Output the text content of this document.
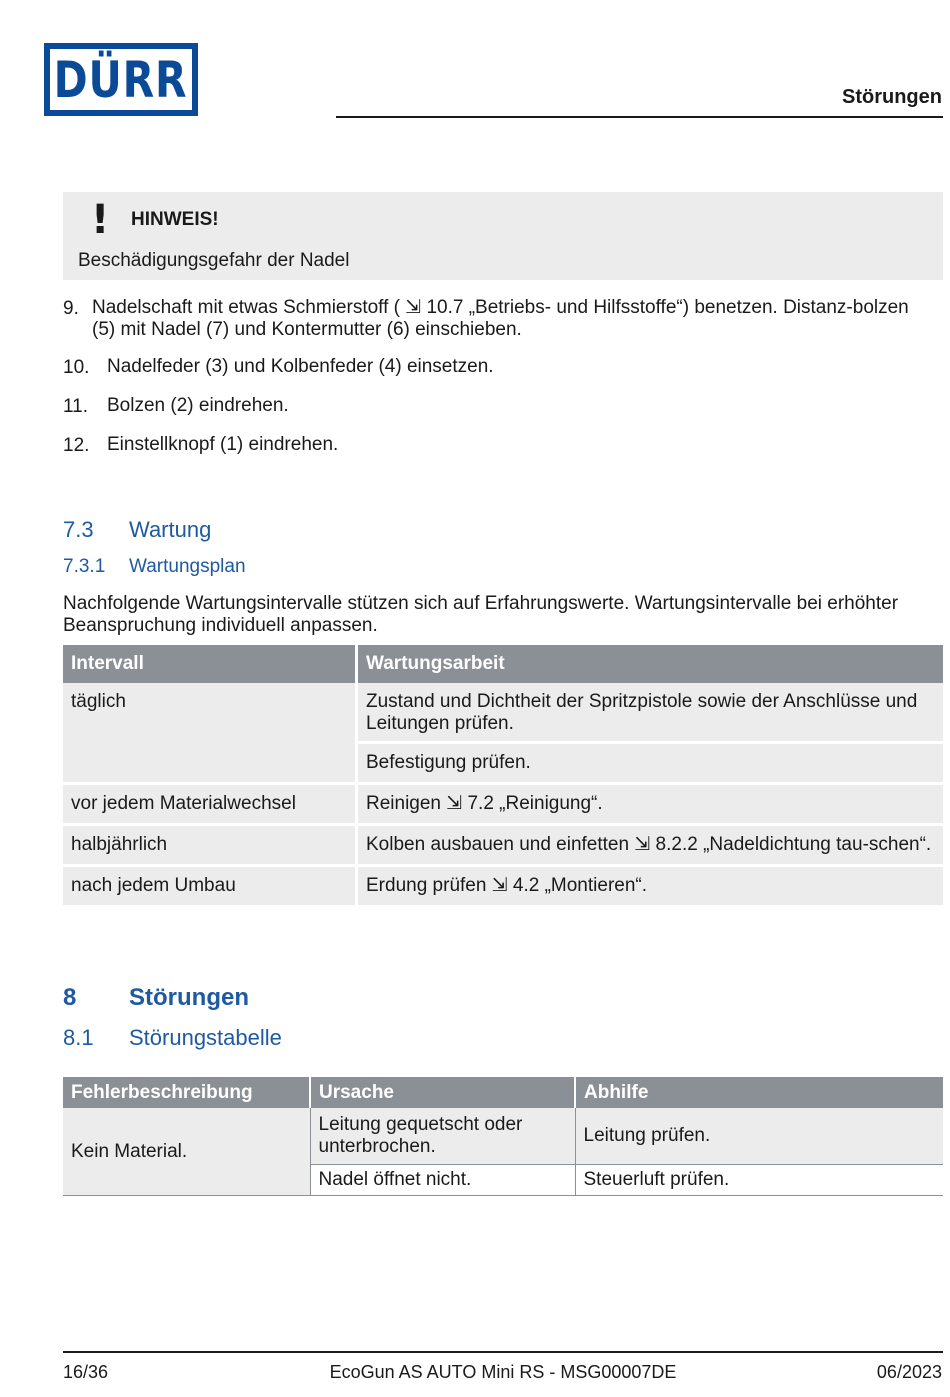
DÜRR	Störungen
! HINWEIS!
Beschädigungsgefahr der Nadel
9. Nadelschaft mit etwas Schmierstoff ( ⇲ 10.7 „Betriebs- und Hilfsstoffe“) benetzen. Distanz-bolzen (5) mit Nadel (7) und Kontermutter (6) einschieben.
10. Nadelfeder (3) und Kolbenfeder (4) einsetzen.
11. Bolzen (2) eindrehen.
12. Einstellknopf (1) eindrehen.
7.3 Wartung
7.3.1 Wartungsplan
Nachfolgende Wartungsintervalle stützen sich auf Erfahrungswerte. Wartungsintervalle bei erhöhter Beanspruchung individuell anpassen.
Intervall	Wartungsarbeit
täglich	Zustand und Dichtheit der Spritzpistole sowie der Anschlüsse und Leitungen prüfen.
	Befestigung prüfen.
vor jedem Materialwechsel	Reinigen ⇲ 7.2 „Reinigung“.
halbjährlich	Kolben ausbauen und einfetten ⇲ 8.2.2 „Nadeldichtung tau-schen“.
nach jedem Umbau	Erdung prüfen ⇲ 4.2 „Montieren“.
8 Störungen
8.1 Störungstabelle
Fehlerbeschreibung	Ursache	Abhilfe
Kein Material.	Leitung gequetscht oder unterbrochen.	Leitung prüfen.
	Nadel öffnet nicht.	Steuerluft prüfen.
16/36	EcoGun AS AUTO Mini RS - MSG00007DE	06/2023
